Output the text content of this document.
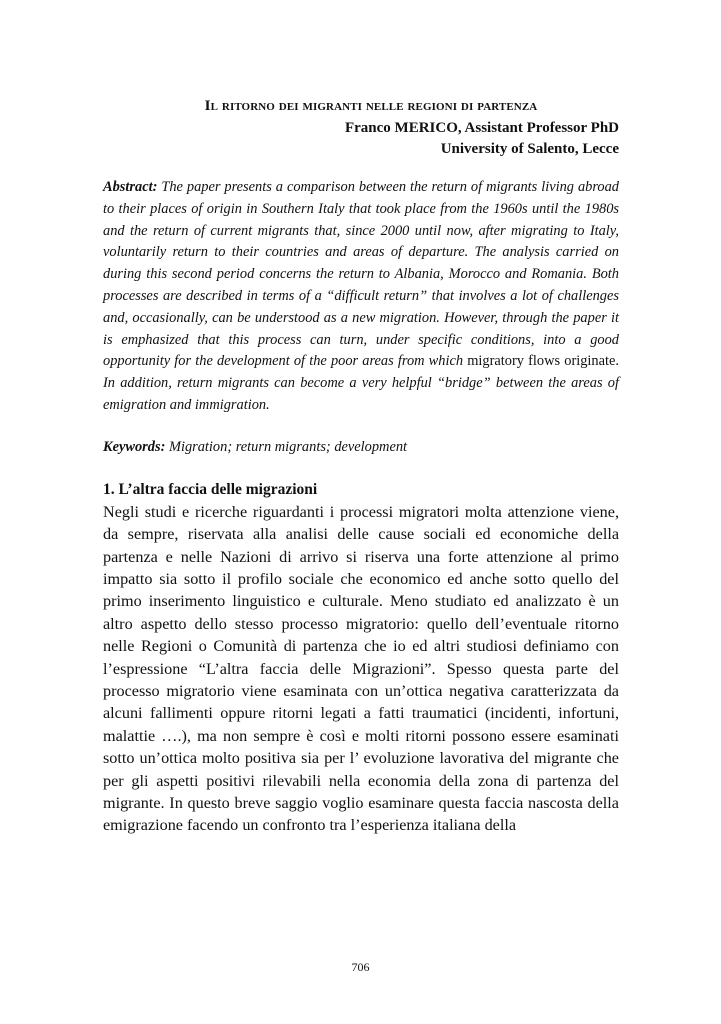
Il ritorno dei migranti nelle regioni di partenza
Franco MERICO, Assistant Professor PhD
University of Salento, Lecce
Abstract: The paper presents a comparison between the return of migrants living abroad to their places of origin in Southern Italy that took place from the 1960s until the 1980s and the return of current migrants that, since 2000 until now, after migrating to Italy, voluntarily return to their countries and areas of departure. The analysis carried on during this second period concerns the return to Albania, Morocco and Romania. Both processes are described in terms of a “difficult return” that involves a lot of challenges and, occasionally, can be understood as a new migration. However, through the paper it is emphasized that this process can turn, under specific conditions, into a good opportunity for the development of the poor areas from which migratory flows originate. In addition, return migrants can become a very helpful “bridge” between the areas of emigration and immigration.
Keywords: Migration; return migrants; development
1. L’altra faccia delle migrazioni
Negli studi e ricerche riguardanti i processi migratori molta attenzione viene, da sempre, riservata alla analisi delle cause sociali ed economiche della partenza e nelle Nazioni di arrivo si riserva una forte attenzione al primo impatto sia sotto il profilo sociale che economico ed anche sotto quello del primo inserimento linguistico e culturale. Meno studiato ed analizzato è un altro aspetto dello stesso processo migratorio: quello dell’eventuale ritorno nelle Regioni o Comunità di partenza che io ed altri studiosi definiamo con l’espressione “L’altra faccia delle Migrazioni”. Spesso questa parte del processo migratorio viene esaminata con un’ottica negativa caratterizzata da alcuni fallimenti oppure ritorni legati a fatti traumatici (incidenti, infortuni, malattie ….), ma non sempre è così e molti ritorni possono essere esaminati sotto un’ottica molto positiva sia per l’ evoluzione lavorativa del migrante che per gli aspetti positivi rilevabili nella economia della zona di partenza del migrante. In questo breve saggio voglio esaminare questa faccia nascosta della emigrazione facendo un confronto tra l’esperienza italiana della
706
